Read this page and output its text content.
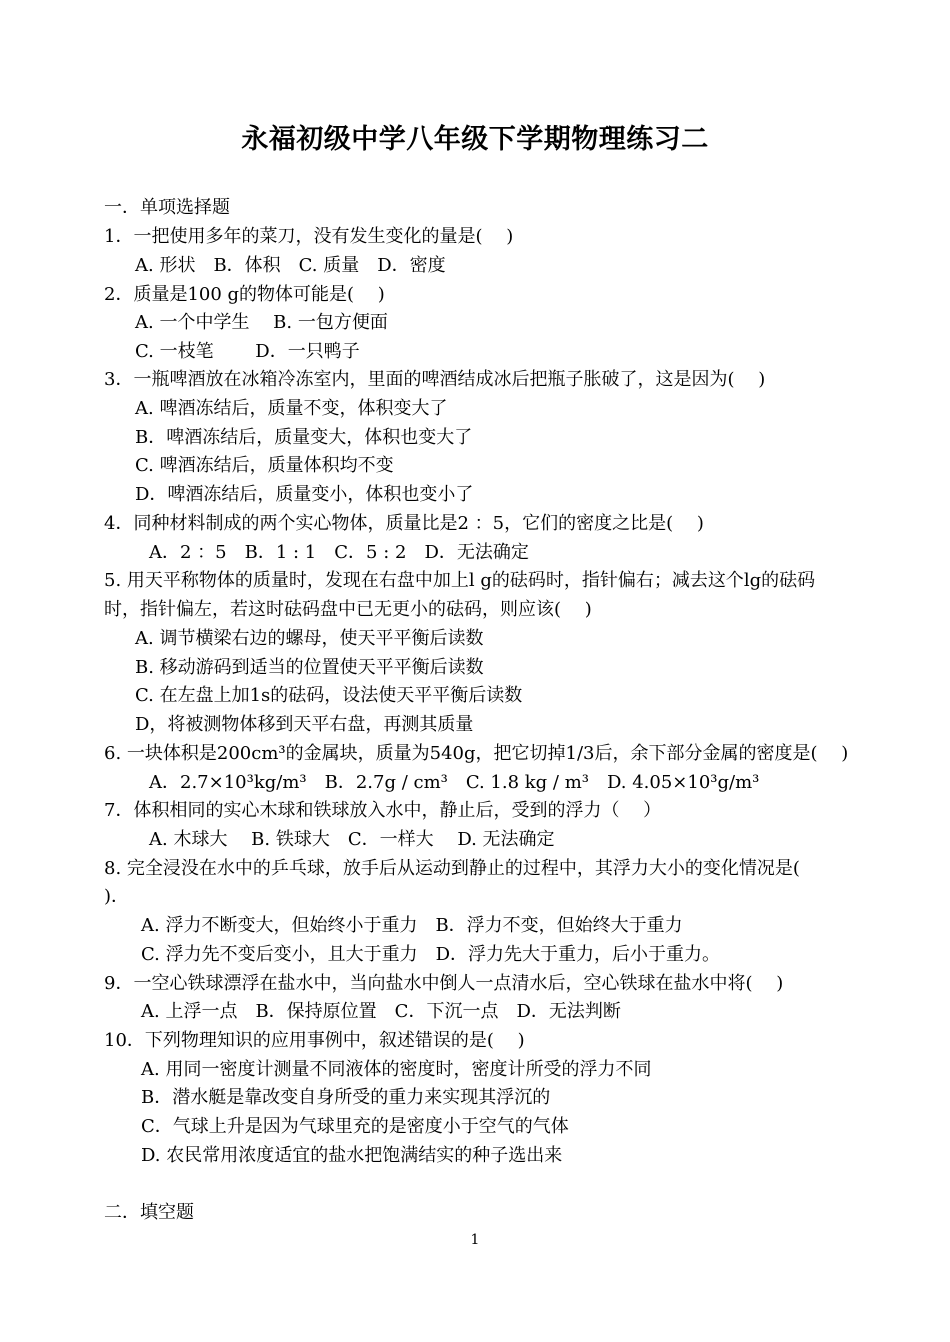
永福初级中学八年级下学期物理练习二
一．单项选择题
1．一把使用多年的菜刀，没有发生变化的量是(　 )
A. 形状　B．体积　C. 质量　D．密度
2．质量是100 g的物体可能是(　 )
A. 一个中学生　 B. 一包方便面
C. 一枝笔　　 D．一只鸭子
3．一瓶啤酒放在冰箱冷冻室内，里面的啤酒结成冰后把瓶子胀破了，这是因为(　 )
A. 啤酒冻结后，质量不变，体积变大了
B．啤酒冻结后，质量变大，体积也变大了
C. 啤酒冻结后，质量体积均不变
D．啤酒冻结后，质量变小，体积也变小了
4．同种材料制成的两个实心物体，质量比是2 ：5，它们的密度之比是(　 )
A．2 ：5　B．1 : 1　C．5 : 2　D．无法确定
5. 用天平称物体的质量时，发现在右盘中加上l g的砝码时，指针偏右；减去这个lg的砝码
时，指针偏左，若这时砝码盘中已无更小的砝码，则应该(　 )
A. 调节横梁右边的螺母，使天平平衡后读数
B. 移动游码到适当的位置使天平平衡后读数
C. 在左盘上加1s的砝码，设法使天平平衡后读数
D，将被测物体移到天平右盘，再测其质量
6. 一块体积是200cm³的金属块，质量为540g，把它切掉1/3后，余下部分金属的密度是(　 )
A．2.7×10³kg/m³　B．2.7g / cm³　C. 1.8 kg / m³　D. 4.05×10³g/m³
7．体积相同的实心木球和铁球放入水中，静止后，受到的浮力（　 ）
A. 木球大　 B. 铁球大　C．一样大　 D. 无法确定
8. 完全浸没在水中的乒乓球，放手后从运动到静止的过程中，其浮力大小的变化情况是(
)．
A. 浮力不断变大，但始终小于重力　B．浮力不变，但始终大于重力
C. 浮力先不变后变小，且大于重力　D．浮力先大于重力，后小于重力。
9．一空心铁球漂浮在盐水中，当向盐水中倒人一点清水后，空心铁球在盐水中将(　 )
A. 上浮一点　B．保持原位置　C．下沉一点　D．无法判断
10．下列物理知识的应用事例中，叙述错误的是(　 )
A. 用同一密度计测量不同液体的密度时，密度计所受的浮力不同
B．潜水艇是靠改变自身所受的重力来实现其浮沉的
C．气球上升是因为气球里充的是密度小于空气的气体
D. 农民常用浓度适宜的盐水把饱满结实的种子选出来
二．填空题
1
